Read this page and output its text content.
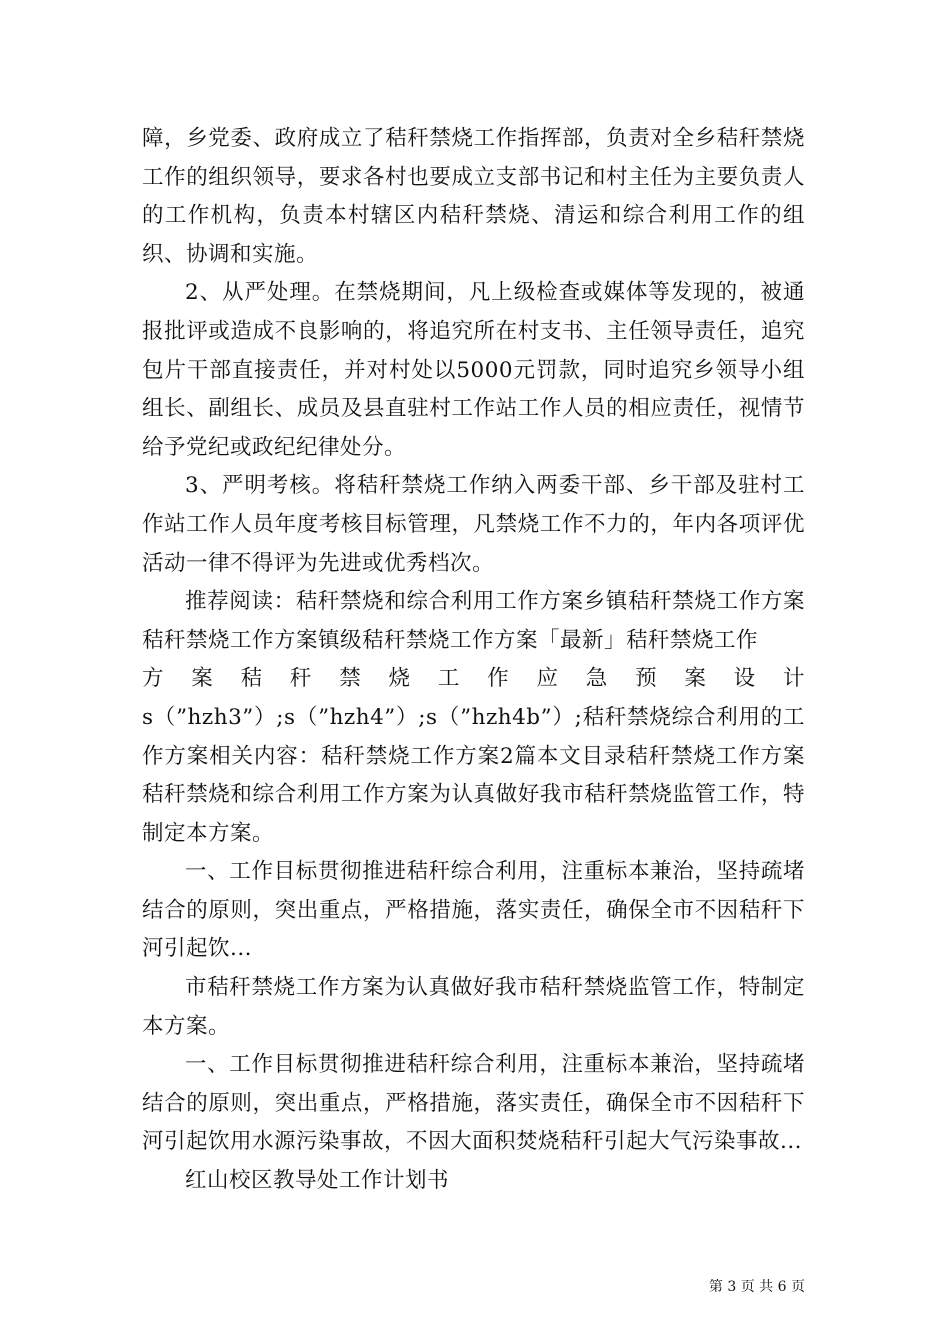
障，乡党委、政府成立了秸秆禁烧工作指挥部，负责对全乡秸秆禁烧工作的组织领导，要求各村也要成立支部书记和村主任为主要负责人的工作机构，负责本村辖区内秸秆禁烧、清运和综合利用工作的组织、协调和实施。

2、从严处理。在禁烧期间，凡上级检查或媒体等发现的，被通报批评或造成不良影响的，将追究所在村支书、主任领导责任，追究包片干部直接责任，并对村处以5000元罚款，同时追究乡领导小组组长、副组长、成员及县直驻村工作站工作人员的相应责任，视情节给予党纪或政纪纪律处分。

3、严明考核。将秸秆禁烧工作纳入两委干部、乡干部及驻村工作站工作人员年度考核目标管理，凡禁烧工作不力的，年内各项评优活动一律不得评为先进或优秀档次。

推荐阅读：秸秆禁烧和综合利用工作方案乡镇秸秆禁烧工作方案秸秆禁烧工作方案镇级秸秆禁烧工作方案「最新」秸秆禁烧工作

方案秸秆禁烧工作应急预案设计

s（”hzh3”）;s（”hzh4”）;s（”hzh4b”）;秸秆禁烧综合利用的工作方案相关内容：秸秆禁烧工作方案2篇本文目录秸秆禁烧工作方案秸秆禁烧和综合利用工作方案为认真做好我市秸秆禁烧监管工作，特制定本方案。

一、工作目标贯彻推进秸秆综合利用，注重标本兼治，坚持疏堵结合的原则，突出重点，严格措施，落实责任，确保全市不因秸秆下河引起饮...

市秸秆禁烧工作方案为认真做好我市秸秆禁烧监管工作，特制定本方案。

一、工作目标贯彻推进秸秆综合利用，注重标本兼治，坚持疏堵结合的原则，突出重点，严格措施，落实责任，确保全市不因秸秆下河引起饮用水源污染事故，不因大面积焚烧秸秆引起大气污染事故...

红山校区教导处工作计划书

第 3 页 共 6 页
